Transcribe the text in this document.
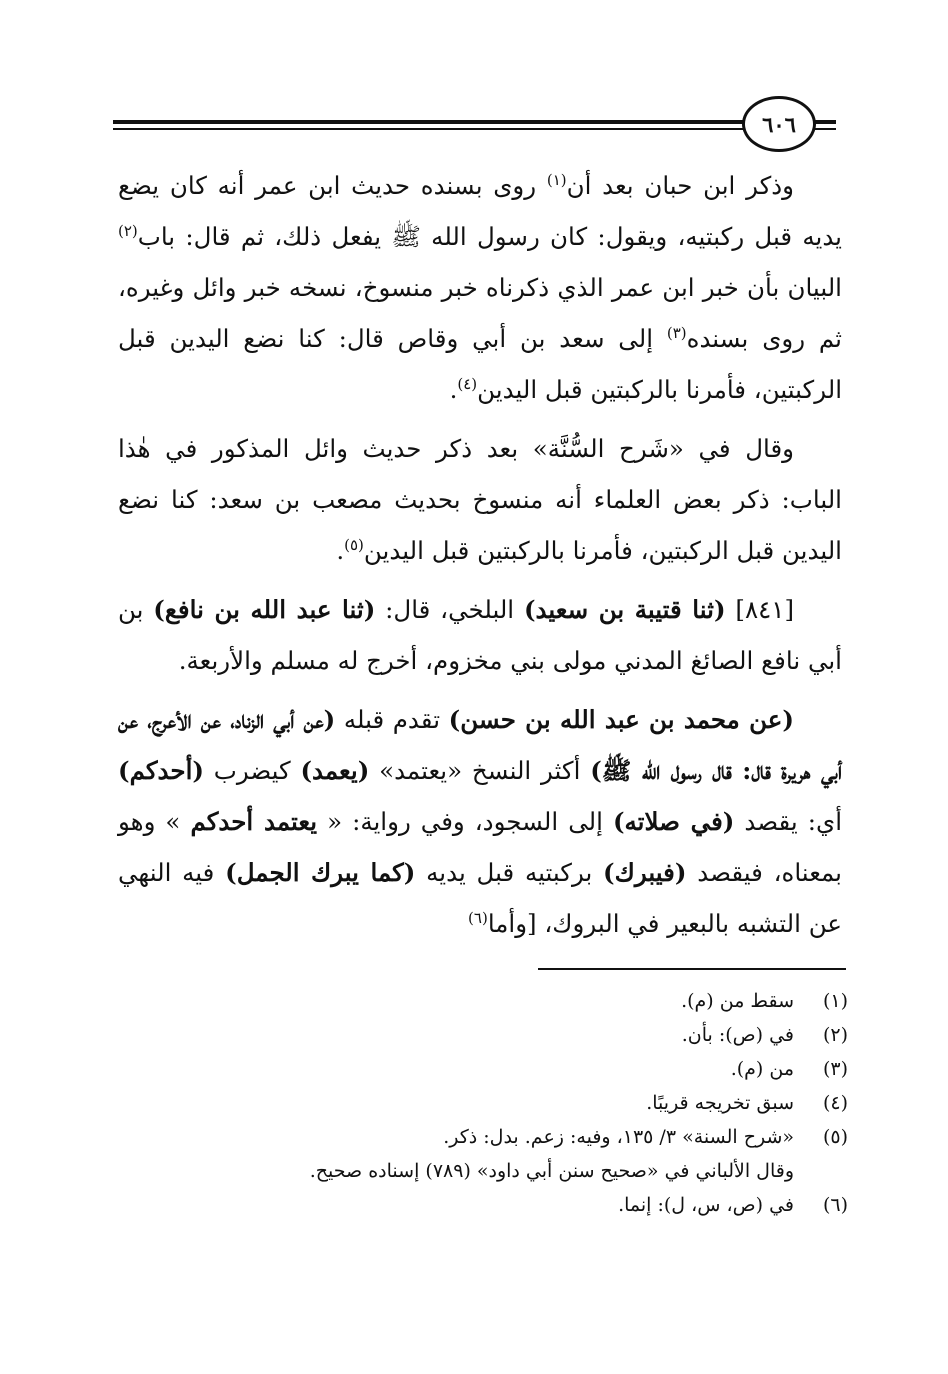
٦٠٦

وذكر ابن حبان بعد أن$^{(١)}$ روى بسنده حديث ابن عمر أنه كان يضع يديه قبل ركبتيه، ويقول: كان رسول الله ﷺ يفعل ذلك، ثم قال: باب$^{(٢)}$ البيان بأن خبر ابن عمر الذي ذكرناه خبر منسوخ، نسخه خبر وائل وغيره، ثم روى بسنده$^{(٣)}$ إلى سعد بن أبي وقاص قال: كنا نضع اليدين قبل الركبتين، فأمرنا بالركبتين قبل اليدين$^{(٤)}$.

وقال في «شَرح السُّنَّة» بعد ذكر حديث وائل المذكور في هٰذا الباب: ذكر بعض العلماء أنه منسوخ بحديث مصعب بن سعد: كنا نضع اليدين قبل الركبتين، فأمرنا بالركبتين قبل اليدين$^{(٥)}$.

[٨٤١] (ثنا قتيبة بن سعيد) البلخي، قال: (ثنا عبد الله بن نافع) بن أبي نافع الصائغ المدني مولى بني مخزوم، أخرج له مسلم والأربعة.

(عن محمد بن عبد الله بن حسن) تقدم قبله (عن أبي الزناد، عن الأعرج، عن أبي هريرة قال: قال رسول الله ﷺ) أكثر النسخ «يعتمد» (يعمد) كيضرب (أحدكم) أي: يقصد (في صلاته) إلى السجود، وفي رواية: « يعتمد أحدكم » وهو بمعناه، فيقصد (فيبرك) بركبتيه قبل يديه (كما يبرك الجمل) فيه النهي عن التشبه بالبعير في البروك، [وأما$^{(٦)}$

(١)
سقط من (م).
(٢)
في (ص): بأن.
(٣)
من (م).
(٤)
سبق تخريجه قريبًا.
(٥)
«شرح السنة» ٣/ ١٣٥، وفيه: زعم. بدل: ذكر.
وقال الألباني في «صحيح سنن أبي داود» (٧٨٩) إسناده صحيح.
(٦)
في (ص، س، ل): إنما.
